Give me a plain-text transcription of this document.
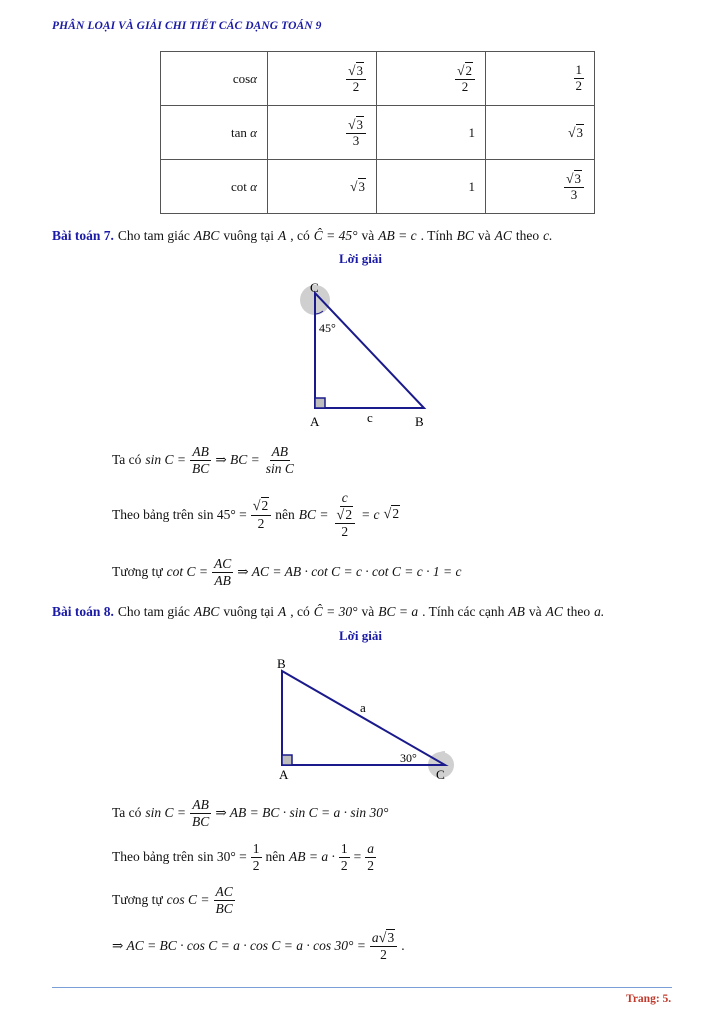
PHÂN LOẠI VÀ GIẢI CHI TIẾT CÁC DẠNG TOÁN 9
cosα	$\frac{√3}{2}$	$\frac{√2}{2}$	$\frac{1}{2}$

tan α	$\frac{√3}{3}$	1	√3
cot α	√3	1	$\frac{√3}{3}$
Bài toán 7. Cho tam giác ABC vuông tại A , có Ĉ = 45° và AB = c . Tính BC và AC theo c.
Lời giải
C
45°
A	c	B
Ta có $\sin C = \frac{AB}{BC}$ ⇒ BC = $\frac{AB}{\text{sin C}}$
Theo bảng trên $\sin 45^\circ = \frac{√2}{2}$ nên BC = $\frac{c}{\frac{√2}{2}} = c$ √2
Tương tự $\cot C = \frac{AC}{AB}$ ⇒ AC = AB · cot C = c · cot C = c · 1 = c
Bài toán 8. Cho tam giác ABC vuông tại A , có Ĉ = 30° và BC = a . Tính các cạnh AB và AC theo a.
Lời giải
B
a
30°
A	C
Ta có $\sin C = \frac{AB}{BC}$ ⇒ AB = BC · sin C = a · sin 30°
Theo bảng trên $\sin 30^\circ = \frac{1}{2}$ nên AB = $a \cdot \frac{1}{2} = \frac{a}{2}$
Tương tự $\cos C = \frac{AC}{BC}$
⇒ AC = BC · $\cos C = a \cdot \cos C = a \cdot \cos 30^\circ = \frac{a√3}{2}$ .
Trang: 5.
